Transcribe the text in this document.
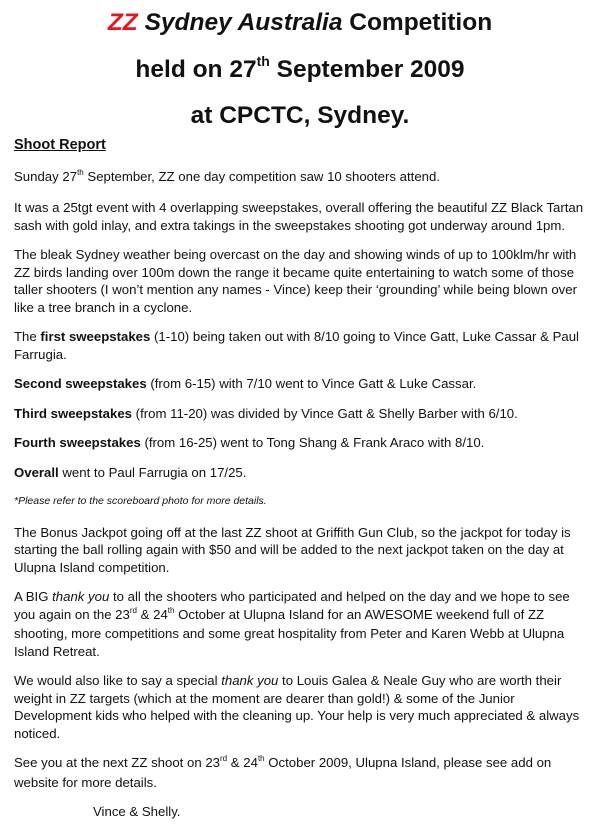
ZZ Sydney Australia Competition
held on 27th September 2009
at CPCTC, Sydney.
Shoot Report

Sunday 27th September, ZZ one day competition saw 10 shooters attend.

It was a 25tgt event with 4 overlapping sweepstakes, overall offering the beautiful ZZ Black Tartan sash with gold inlay, and extra takings in the sweepstakes shooting got underway around 1pm.

The bleak Sydney weather being overcast on the day and showing winds of up to 100klm/hr with ZZ birds landing over 100m down the range it became quite entertaining to watch some of those taller shooters (I won’t mention any names - Vince) keep their ‘grounding’ while being blown over like a tree branch in a cyclone.

The first sweepstakes (1-10) being taken out with 8/10 going to Vince Gatt, Luke Cassar & Paul Farrugia.

Second sweepstakes (from 6-15) with 7/10 went to Vince Gatt & Luke Cassar.

Third sweepstakes (from 11-20) was divided by Vince Gatt & Shelly Barber with 6/10.

Fourth sweepstakes (from 16-25) went to Tong Shang & Frank Araco with 8/10.

Overall went to Paul Farrugia on 17/25.

*Please refer to the scoreboard photo for more details.

The Bonus Jackpot going off at the last ZZ shoot at Griffith Gun Club, so the jackpot for today is starting the ball rolling again with $50 and will be added to the next jackpot taken on the day at Ulupna Island competition.

A BIG thank you to all the shooters who participated and helped on the day and we hope to see you again on the 23rd & 24th October at Ulupna Island for an AWESOME weekend full of ZZ shooting, more competitions and some great hospitality from Peter and Karen Webb at Ulupna Island Retreat.

We would also like to say a special thank you to Louis Galea & Neale Guy who are worth their weight in ZZ targets (which at the moment are dearer than gold!) & some of the Junior Development kids who helped with the cleaning up. Your help is very much appreciated & always noticed.

See you at the next ZZ shoot on 23rd & 24th October 2009, Ulupna Island, please see add on website for more details.

Vince & Shelly.
